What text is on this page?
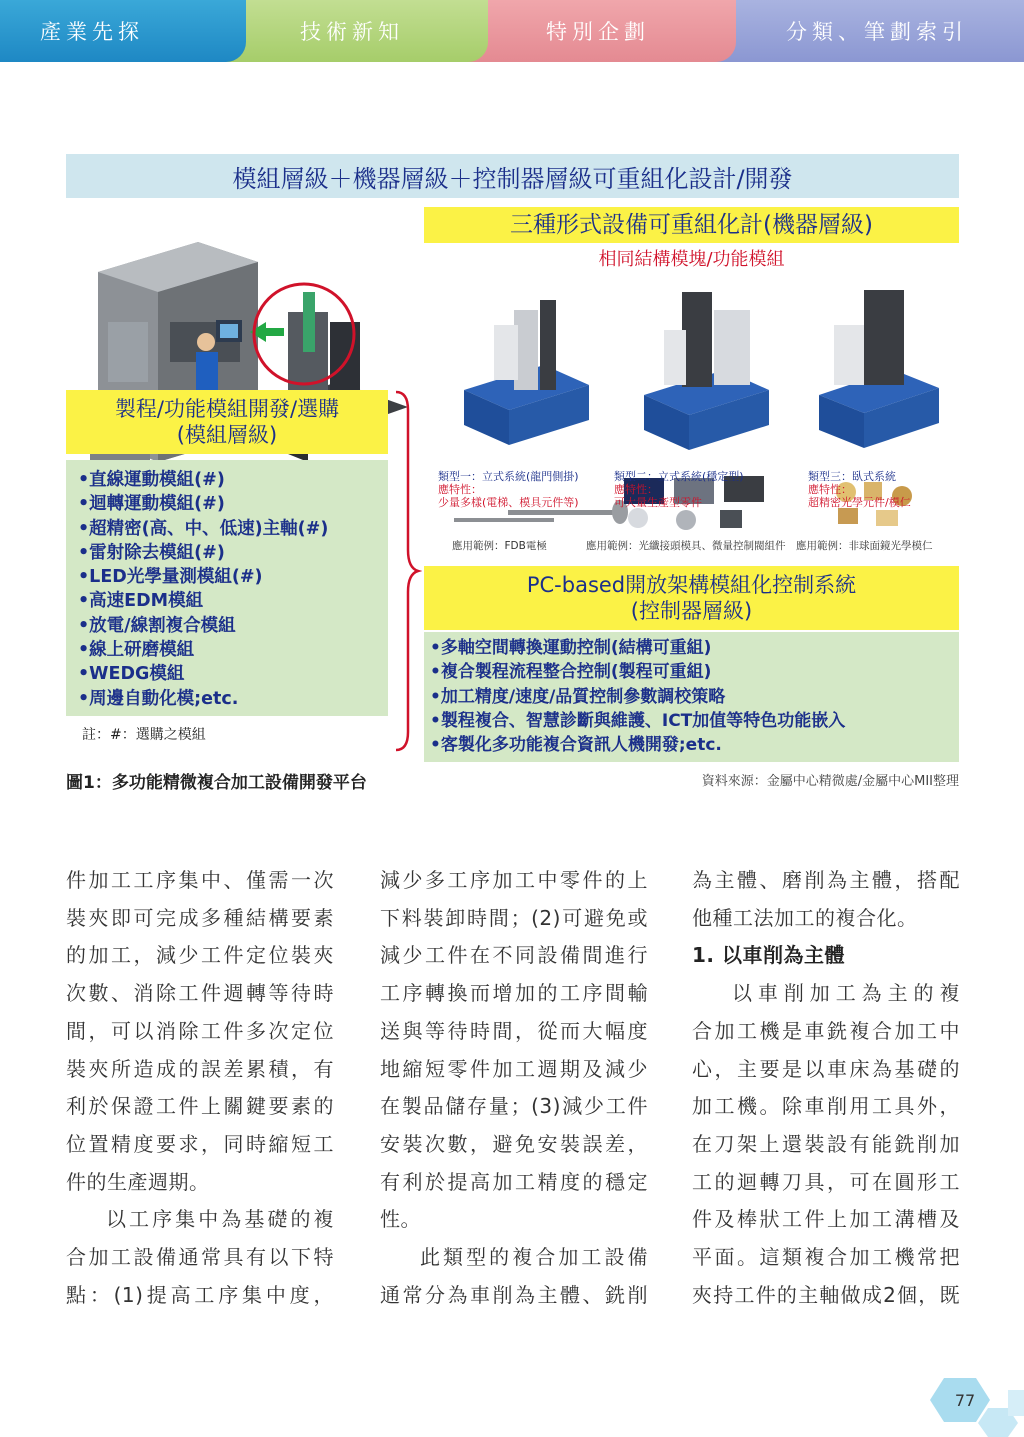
產業先探	技術新知	特別企劃	分類、筆劃索引
模組層級＋機器層級＋控制器層級可重組化設計/開發
製程/功能模組開發/選購
(模組層級)
•直線運動模組(#)
•迴轉運動模組(#)
•超精密(高、中、低速)主軸(#)
•雷射除去模組(#)
•LED光學量測模組(#)
•高速EDM模組
•放電/線割複合模組
•線上研磨模組
•WEDG模組
•周邊自動化模;etc.
註：#：選購之模組
三種形式設備可重組化計(機器層級)
相同結構模塊/功能模組
類型一：立式系統(龍門側掛)
應特性：
少量多樣(電梯、模具元件等)
類型二：立式系統(穩定型)
應特性：
可大量生產型零件
類型三：臥式系統
應特性：
超精密光學元件/模仁
應用範例：FDB電極	應用範例：光纖接頭模具、微量控制閥組件 應用範例：非球面鏡光學模仁
PC-based開放架構模組化控制系統
(控制器層級)
•多軸空間轉換運動控制(結構可重組)
•複合製程流程整合控制(製程可重組)
•加工精度/速度/品質控制參數調校策略
•製程複合、智慧診斷與維護、ICT加值等特色功能嵌入
•客製化多功能複合資訊人機開發;etc.
圖1：多功能精微複合加工設備開發平台	資料來源：金屬中心精微處/金屬中心MII整理

件加工工序集中、僅需一次

裝夾即可完成多種結構要素

的加工，減少工件定位裝夾

次數、消除工件週轉等待時

間，可以消除工件多次定位

裝夾所造成的誤差累積，有

利於保證工件上關鍵要素的

位置精度要求，同時縮短工

件的生產週期。

以工序集中為基礎的複

合加工設備通常具有以下特

點：(1)提高工序集中度，

減少多工序加工中零件的上

下料裝卸時間；(2)可避免或

減少工件在不同設備間進行

工序轉換而增加的工序間輸

送與等待時間，從而大幅度

地縮短零件加工週期及減少

在製品儲存量；(3)減少工件

安裝次數，避免安裝誤差，

有利於提高加工精度的穩定

性。

此類型的複合加工設備

通常分為車削為主體、銑削

為主體、磨削為主體，搭配

他種工法加工的複合化。

1. 以車削為主體

以車削加工為主的複

合加工機是車銑複合加工中

心，主要是以車床為基礎的

加工機。除車削用工具外，

在刀架上還裝設有能銑削加

工的迴轉刀具，可在圓形工

件及棒狀工件上加工溝槽及

平面。這類複合加工機常把

夾持工件的主軸做成2個，既

77
